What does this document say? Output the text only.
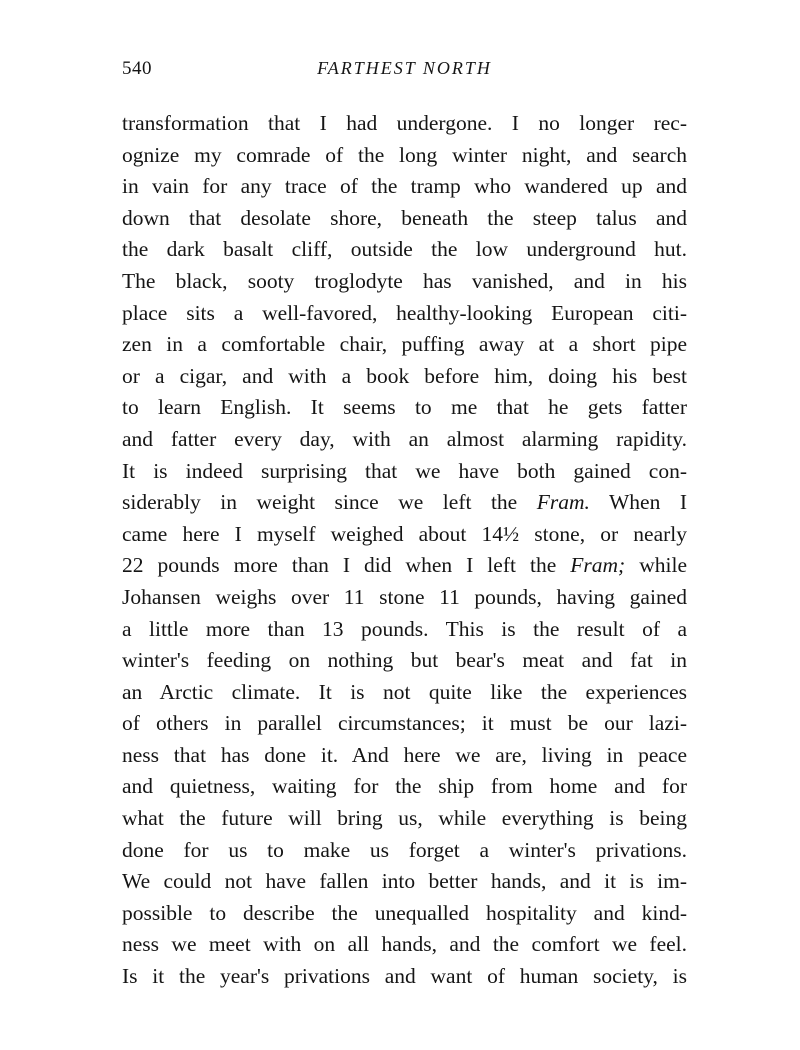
540	FARTHEST NORTH
transformation that I had undergone. I no longer rec-
ognize my comrade of the long winter night, and search
in vain for any trace of the tramp who wandered up and
down that desolate shore, beneath the steep talus and
the dark basalt cliff, outside the low underground hut.
The black, sooty troglodyte has vanished, and in his
place sits a well-favored, healthy-looking European citi-
zen in a comfortable chair, puffing away at a short pipe
or a cigar, and with a book before him, doing his best
to learn English. It seems to me that he gets fatter
and fatter every day, with an almost alarming rapidity.
It is indeed surprising that we have both gained con-
siderably in weight since we left the Fram. When I
came here I myself weighed about 14½ stone, or nearly
22 pounds more than I did when I left the Fram; while
Johansen weighs over 11 stone 11 pounds, having gained
a little more than 13 pounds. This is the result of a
winter's feeding on nothing but bear's meat and fat in
an Arctic climate. It is not quite like the experiences
of others in parallel circumstances; it must be our lazi-
ness that has done it. And here we are, living in peace
and quietness, waiting for the ship from home and for
what the future will bring us, while everything is being
done for us to make us forget a winter's privations.
We could not have fallen into better hands, and it is im-
possible to describe the unequalled hospitality and kind-
ness we meet with on all hands, and the comfort we feel.
Is it the year's privations and want of human society, is
